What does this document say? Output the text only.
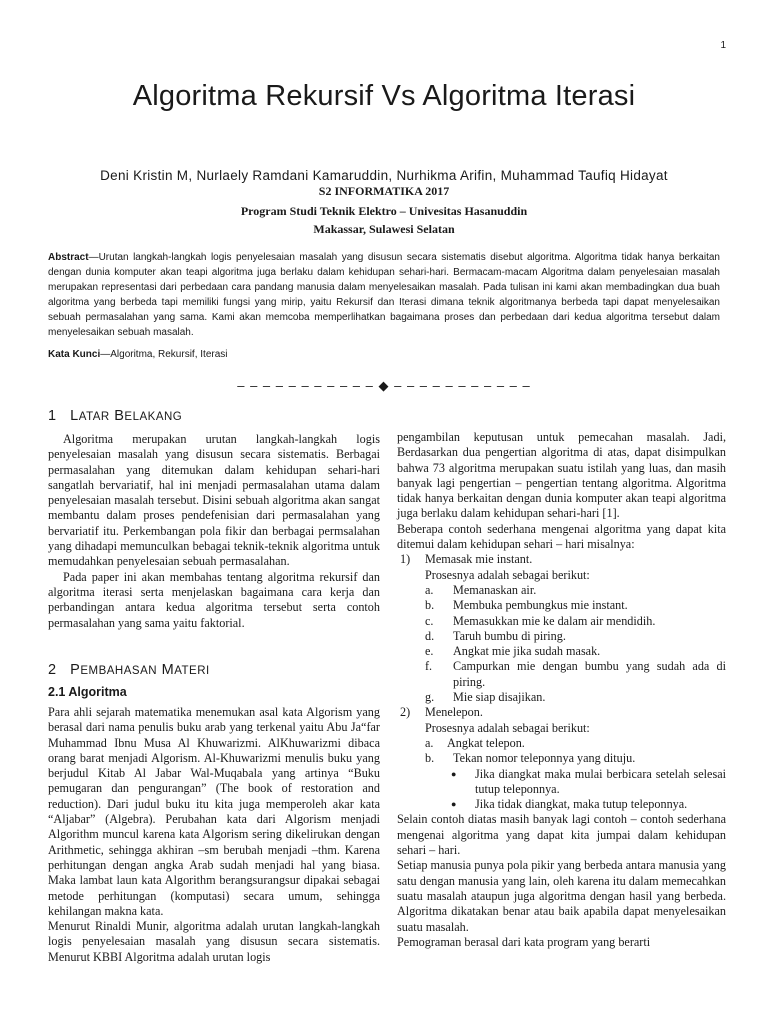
1
Algoritma Rekursif Vs Algoritma Iterasi
Deni Kristin M, Nurlaely Ramdani Kamaruddin, Nurhikma Arifin, Muhammad Taufiq Hidayat
S2 INFORMATIKA 2017
Program Studi Teknik Elektro – Univesitas Hasanuddin
Makassar, Sulawesi Selatan
Abstract—Urutan langkah-langkah logis penyelesaian masalah yang disusun secara sistematis disebut algoritma. Algoritma tidak hanya berkaitan dengan dunia komputer akan teapi algoritma juga berlaku dalam kehidupan sehari-hari. Bermacam-macam Algoritma dalam penyelesaian masalah merupakan representasi dari perbedaan cara pandang manusia dalam menyelesaikan masalah. Pada tulisan ini kami akan membadingkan dua buah algoritma yang berbeda tapi memiliki fungsi yang mirip, yaitu Rekursif dan Iterasi dimana teknik algoritmanya berbeda tapi dapat menyelesaikan sebuah permasalahan yang sama. Kami akan memcoba memperlihatkan bagaimana proses dan perbedaan dari kedua algoritma tersebut dalam menyelesaikan sebuah masalah.
Kata Kunci—Algoritma, Rekursif, Iterasi
– – – – – – – – – – – ◆ – – – – – – – – – – –
1 LATAR BELAKANG

Algoritma merupakan urutan langkah-langkah logis penyelesaian masalah yang disusun secara sistematis. Berbagai permasalahan yang ditemukan dalam kehidupan sehari-hari sangatlah bervariatif, hal ini menjadi permasalahan utama dalam penyelesaian masalah tersebut. Disini sebuah algoritma akan sangat membantu dalam proses pendefenisian dari permasalahan yang bervariatif itu. Perkembangan pola fikir dan berbagai permsalahan yang dihadapi memunculkan bebagai teknik-teknik algoritma untuk memudahkan penyelesaian sebuah permasalahan.

Pada paper ini akan membahas tentang algoritma rekursif dan algoritma iterasi serta menjelaskan bagaimana cara kerja dan perbandingan antara kedua algoritma tersebut serta contoh permasalahan yang sama yaitu faktorial.

2 PEMBAHASAN MATERI
2.1 Algoritma

Para ahli sejarah matematika menemukan asal kata Algorism yang berasal dari nama penulis buku arab yang terkenal yaitu Abu Ja“far Muhammad Ibnu Musa Al Khuwarizmi. AlKhuwarizmi dibaca orang barat menjadi Algorism. Al-Khuwarizmi menulis buku yang berjudul Kitab Al Jabar Wal-Muqabala yang artinya “Buku pemugaran dan pengurangan” (The book of restoration and reduction). Dari judul buku itu kita juga memperoleh akar kata “Aljabar” (Algebra). Perubahan kata dari Algorism menjadi Algorithm muncul karena kata Algorism sering dikelirukan dengan Arithmetic, sehingga akhiran –sm berubah menjadi –thm. Karena perhitungan dengan angka Arab sudah menjadi hal yang biasa. Maka lambat laun kata Algorithm berangsurangsur dipakai sebagai metode perhitungan (komputasi) secara umum, sehingga kehilangan makna kata.

Menurut Rinaldi Munir, algoritma adalah urutan langkah-langkah logis penyelesaian masalah yang disusun secara sistematis. Menurut KBBI Algoritma adalah urutan logis

pengambilan keputusan untuk pemecahan masalah. Jadi, Berdasarkan dua pengertian algoritma di atas, dapat disimpulkan bahwa 73 algoritma merupakan suatu istilah yang luas, dan masih banyak lagi pengertian – pengertian tentang algoritma. Algoritma tidak hanya berkaitan dengan dunia komputer akan teapi algoritma juga berlaku dalam kehidupan sehari-hari [1].

Beberapa contoh sederhana mengenai algoritma yang dapat kita ditemui dalam kehidupan sehari – hari misalnya:

1) Memasak mie instant.
Prosesnya adalah sebagai berikut:
a. Memanaskan air.
b. Membuka pembungkus mie instant.
c. Memasukkan mie ke dalam air mendidih.
d. Taruh bumbu di piring.
e. Angkat mie jika sudah masak.
f. Campurkan mie dengan bumbu yang sudah ada di piring.
g. Mie siap disajikan.
2) Menelepon.
Prosesnya adalah sebagai berikut:
a. Angkat telepon.
b. Tekan nomor teleponnya yang dituju.
● Jika diangkat maka mulai berbicara setelah selesai tutup teleponnya.
● Jika tidak diangkat, maka tutup teleponnya.

Selain contoh diatas masih banyak lagi contoh – contoh sederhana mengenai algoritma yang dapat kita jumpai dalam kehidupan sehari – hari.

Setiap manusia punya pola pikir yang berbeda antara manusia yang satu dengan manusia yang lain, oleh karena itu dalam memecahkan suatu masalah ataupun juga algoritma dengan hasil yang berbeda. Algoritma dikatakan benar atau baik apabila dapat menyelesaikan suatu masalah.

Pemograman berasal dari kata program yang berarti
